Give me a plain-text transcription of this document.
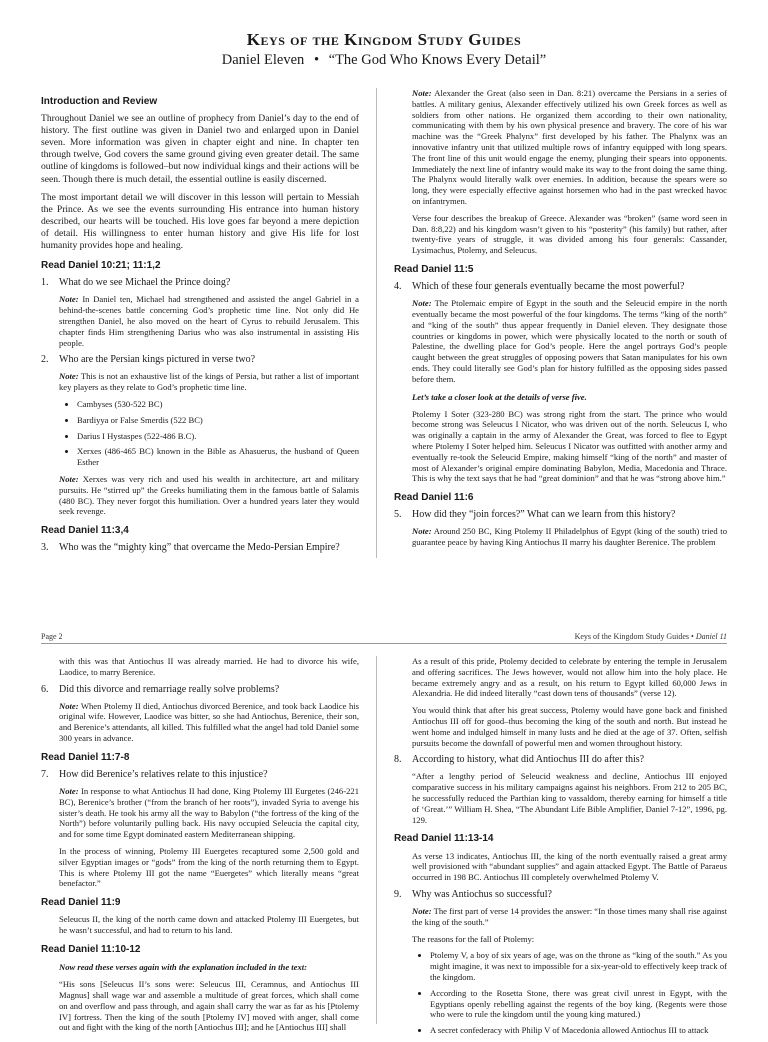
Keys of the Kingdom Study Guides
Daniel Eleven • “The God Who Knows Every Detail”
Introduction and Review

Throughout Daniel we see an outline of prophecy from Daniel’s day to the end of history. The first outline was given in Daniel two and enlarged upon in Daniel seven. More information was given in chapter eight and nine. In chapter ten through twelve, God covers the same ground giving even greater detail. The same outline of kingdoms is followed–but now individual kings and their actions will be seen. Though there is much detail, the essential outline is easily discerned.

The most important detail we will discover in this lesson will pertain to Messiah the Prince. As we see the events surrounding His entrance into human history described, our hearts will be touched. His love goes far beyond a mere depiction of detail. His willingness to enter human history and give His life for lost humanity provides hope and healing.

Read Daniel 10:21; 11:1,2
1.	What do we see Michael the Prince doing?

Note: In Daniel ten, Michael had strengthened and assisted the angel Gabriel in a behind-the-scenes battle concerning God’s prophetic time line. Not only did He strengthen Daniel, he also moved on the heart of Cyrus to rebuild Jerusalem. This chapter finds Him strengthening Darius who was also instrumental in assisting His people.

2.	Who are the Persian kings pictured in verse two?

Note: This is not an exhaustive list of the kings of Persia, but rather a list of important key players as they relate to God’s prophetic time line.

• Cambyses (530-522 BC)
• Bardiyya or False Smerdis (522 BC)
• Darius I Hystaspes (522-486 B.C).
• Xerxes (486-465 BC) known in the Bible as Ahasuerus, the husband of Queen Esther

Note: Xerxes was very rich and used his wealth in architecture, art and military pursuits. He “stirred up” the Greeks humiliating them in the famous battle of Salamis (480 BC). They never forgot this humiliation. Over a hundred years later they would seek revenge.

Read Daniel 11:3,4
3.	Who was the “mighty king” that overcame the Medo-Persian Empire?

Note: Alexander the Great (also seen in Dan. 8:21) overcame the Persians in a series of battles. A military genius, Alexander effectively utilized his own Greek forces as well as soldiers from other nations. He organized them according to their own nationality, communicating with them by his own physical presence and bravery. The core of his war machine was the “Greek Phalynx” first developed by his father. The Phalynx was an innovative infantry unit that utilized multiple rows of infantry equipped with long spears. The front line of this unit would engage the enemy, plunging their spears into opponents. Immediately the next line of infantry would make its way to the front doing the same thing. The Phalynx would literally walk over enemies. In addition, because the spears were so long, they were especially effective against horsemen who had in the past wrecked havoc on infantrymen.

Verse four describes the breakup of Greece. Alexander was “broken” (same word seen in Dan. 8:8,22) and his kingdom wasn’t given to his “posterity” (his family) but rather, after twenty-five years of struggle, it was divided among his four generals: Cassander, Lysimachus, Ptolemy, and Seleucus.

Read Daniel 11:5
4.	Which of these four generals eventually became the most powerful?

Note: The Ptolemaic empire of Egypt in the south and the Seleucid empire in the north eventually became the most powerful of the four kingdoms. The terms “king of the north” and “king of the south” thus appear frequently in Daniel eleven. They designate those countries or kingdoms in power, which were physically located to the north or south of Palestine, the dwelling place for God’s people. Here the angel portrays God’s people caught between the great struggles of opposing powers that Satan manipulates for his own ends. They could literally see God’s plan for history fulfilled as the opposing sides passed before them.

Let’s take a closer look at the details of verse five.

Ptolemy I Soter (323-280 BC) was strong right from the start. The prince who would become strong was Seleucus I Nicator, who was driven out of the north. Seleucus I, who was originally a captain in the army of Alexander the Great, was forced to flee to Egypt where Ptolemy I Soter helped him. Seleucus I Nicator was outfitted with another army and eventually re-took the Seleucid Empire, making himself “king of the north” and master of most of Alexander’s original empire dominating Babylon, Media, Macedonia and Thrace. This is why the text says that he had “great dominion” and that he was “strong above him.”

Read Daniel 11:6
5.	How did they “join forces?” What can we learn from this history?

Note: Around 250 BC, King Ptolemy II Philadelphus of Egypt (king of the south) tried to guarantee peace by having King Antiochus II marry his daughter Berenice. The problem

Page 2	Keys of the Kingdom Study Guides • Daniel 11

with this was that Antiochus II was already married. He had to divorce his wife, Laodice, to marry Berenice.

6.	Did this divorce and remarriage really solve problems?

Note: When Ptolemy II died, Antiochus divorced Berenice, and took back Laodice his original wife. However, Laodice was bitter, so she had Antiochus, Berenice, their son, and Berenice’s attendants, all killed. This fulfilled what the angel had told Daniel some 300 years in advance.

Read Daniel 11:7-8
7.	How did Berenice’s relatives relate to this injustice?

Note: In response to what Antiochus II had done, King Ptolemy III Eurgetes (246-221 BC), Berenice’s brother (“from the branch of her roots”), invaded Syria to avenge his sister’s death. He took his army all the way to Babylon (“the fortress of the king of the North”) before voluntarily pulling back. His navy occupied Seleucia the capital city, and for some time Egypt dominated eastern Mediterranean shipping.

In the process of winning, Ptolemy III Euergetes recaptured some 2,500 gold and silver Egyptian images or “gods” from the king of the north returning them to Egypt. This is where Ptolemy III got the name “Euergetes” which literally means “great benefactor.”

Read Daniel 11:9

Seleucus II, the king of the north came down and attacked Ptolemy III Euergetes, but he wasn’t successful, and had to return to his land.

Read Daniel 11:10-12
Now read these verses again with the explanation included in the text:

“His sons [Seleucus II’s sons were: Seleucus III, Ceramnus, and Antiochus III Magnus] shall wage war and assemble a multitude of great forces, which shall come on and overflow and pass through, and again shall carry the war as far as his [Ptolemy IV] fortress. Then the king of the south [Ptolemy IV] moved with anger, shall come out and fight with the king of the north [Antiochus III]; and he [Antiochus III] shall

As a result of this pride, Ptolemy decided to celebrate by entering the temple in Jerusalem and offering sacrifices. The Jews however, would not allow him into the holy place. He became extremely angry and as a result, on his return to Egypt killed 60,000 Jews in Alexandria. He did indeed literally “cast down tens of thousands” (verse 12).

You would think that after his great success, Ptolemy would have gone back and finished Antiochus III off for good–thus becoming the king of the south and north. But instead he went home and indulged himself in many lusts and he died at the age of 37. Often, selfish pursuits become the downfall of powerful men and women throughout history.

8.	According to history, what did Antiochus III do after this?

“After a lengthy period of Seleucid weakness and decline, Antiochus III enjoyed comparative success in his military campaigns against his neighbors. From 212 to 205 BC, he successfully reduced the Parthian king to vassaldom, thereby earning for himself a title of ‘Great.’” William H. Shea, “The Abundant Life Bible Amplifier, Daniel 7-12”, 1996, pg. 129.

Read Daniel 11:13-14

As verse 13 indicates, Antiochus III, the king of the north eventually raised a great army well provisioned with “abundant supplies” and again attacked Egypt. The Battle of Paraeus occurred in 198 BC. Antiochus III completely overwhelmed Ptolemy V.

9.	Why was Antiochus so successful?

Note: The first part of verse 14 provides the answer: “In those times many shall rise against the king of the south.”

The reasons for the fall of Ptolemy:

• Ptolemy V, a boy of six years of age, was on the throne as “king of the south.” As you might imagine, it was next to impossible for a six-year-old to effectively keep track of the kingdom.
• According to the Rosetta Stone, there was great civil unrest in Egypt, with the Egyptians openly rebelling against the regents of the boy king. (Regents were those who were to rule the kingdom until the young king matured.)
• A secret confederacy with Philip V of Macedonia allowed Antiochus III to attack
